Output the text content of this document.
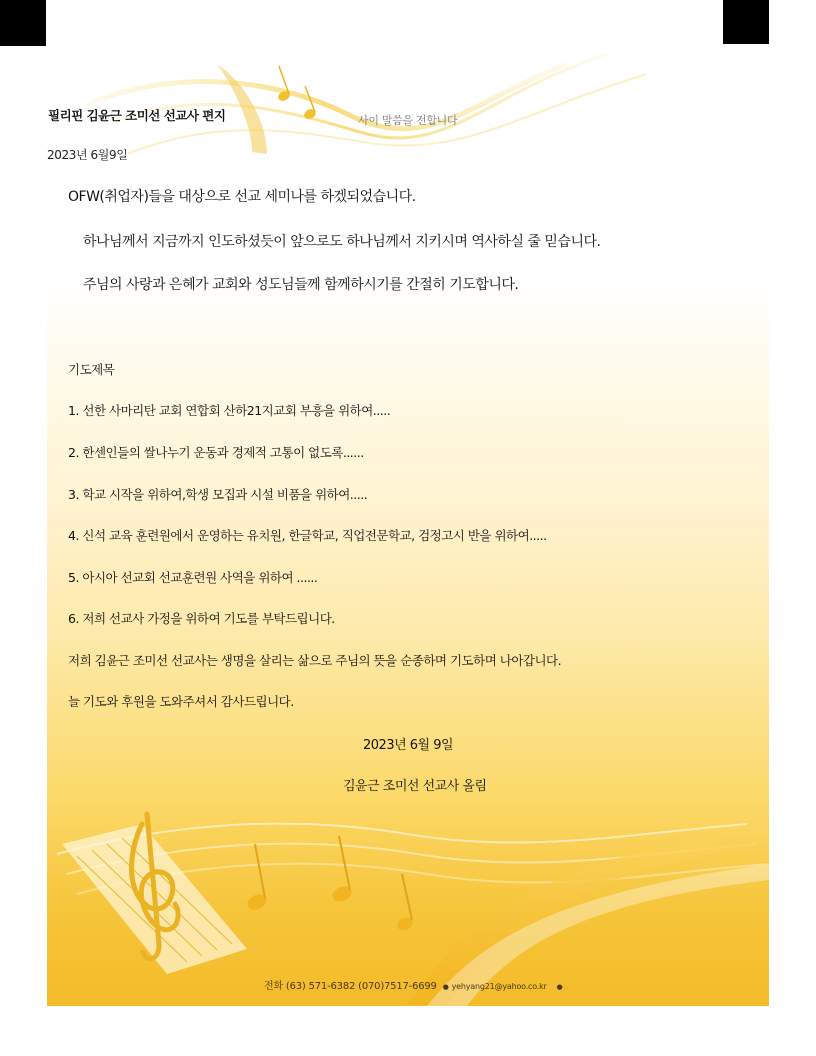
필리핀 김윤근 조미선 선교사 편지
2023년 6월9일
OFW(취업자)들을 대상으로 선교 세미나를 하겠되었습니다.
하나님께서 지금까지 인도하셨듯이 앞으로도 하나님께서 지키시며 역사하실 줄 믿습니다.
주님의 사랑과 은혜가 교회와 성도님들께 함께하시기를 간절히 기도합니다.
기도제목
1. 선한 사마리탄 교회 연합회 산하21지교회 부흥을 위하여.....
2. 한센인들의 쌀나누기 운동과 경제적 고통이 없도록......
3. 학교 시작을 위하여,학생 모집과 시설 비품을 위하여.....
4. 신석 교육 훈련원에서 운영하는 유치원, 한글학교, 직업전문학교, 검정고시 반을 위하여.....
5. 아시아 선교회 선교훈련원 사역을 위하여 ......
6. 저희 선교사 가정을 위하여 기도를 부탁드립니다.
저희 김윤근 조미선 선교사는 생명을 살리는 삶으로 주님의 뜻을 순종하며 기도하며 나아갑니다.
늘 기도와 후원을 도와주셔서 감사드립니다.
2023년 6월 9일
김윤근 조미선 선교사 올림
전화 (63) 571-6382 (070)7517-6699 ● yehyang21@yahoo.co.kr ●
